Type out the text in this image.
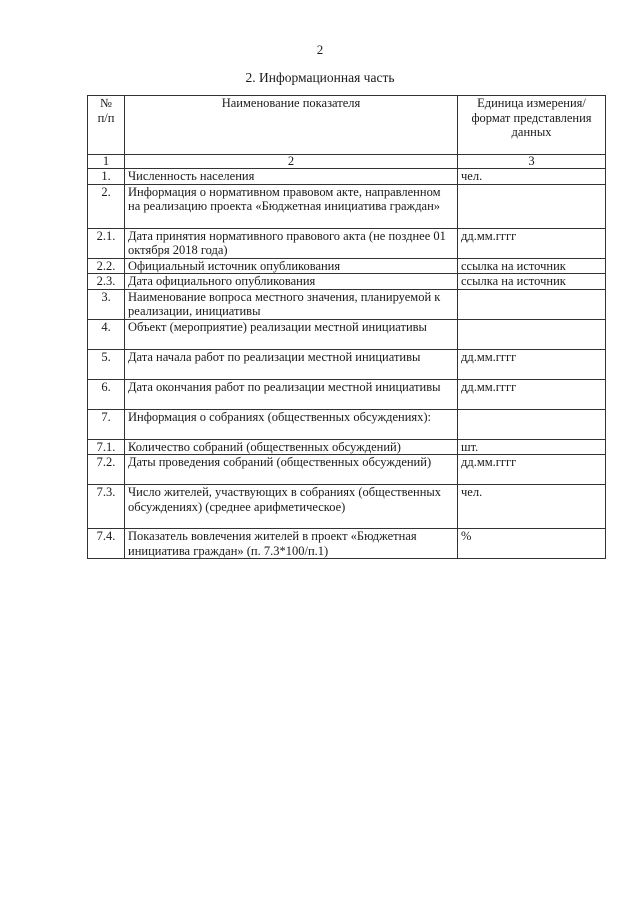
2
2. Информационная часть
№
п/п	Наименование показателя	Единица измерения/формат представления данных
1	2	3
1.	Численность населения	чел.
2.	Информация о нормативном правовом акте, направленном на реализацию проекта «Бюджетная инициатива граждан»	
2.1.	Дата принятия нормативного правового акта (не позднее 01 октября 2018 года)	дд.мм.гггг
2.2.	Официальный источник опубликования	ссылка на источник
2.3.	Дата официального опубликования	ссылка на источник
3.	Наименование вопроса местного значения, планируемой к реализации, инициативы	
4.	Объект (мероприятие) реализации местной инициативы	
5.	Дата начала работ по реализации местной инициативы	дд.мм.гггг
6.	Дата окончания работ по реализации местной инициативы	дд.мм.гггг
7.	Информация о собраниях (общественных обсуждениях):	
7.1.	Количество собраний (общественных обсуждений)	шт.
7.2.	Даты проведения собраний (общественных обсуждений)	дд.мм.гггг
7.3.	Число жителей, участвующих в собраниях (общественных обсуждениях) (среднее арифметическое)	чел.
7.4.	Показатель вовлечения жителей в проект «Бюджетная инициатива граждан» (п. 7.3*100/п.1)	%
